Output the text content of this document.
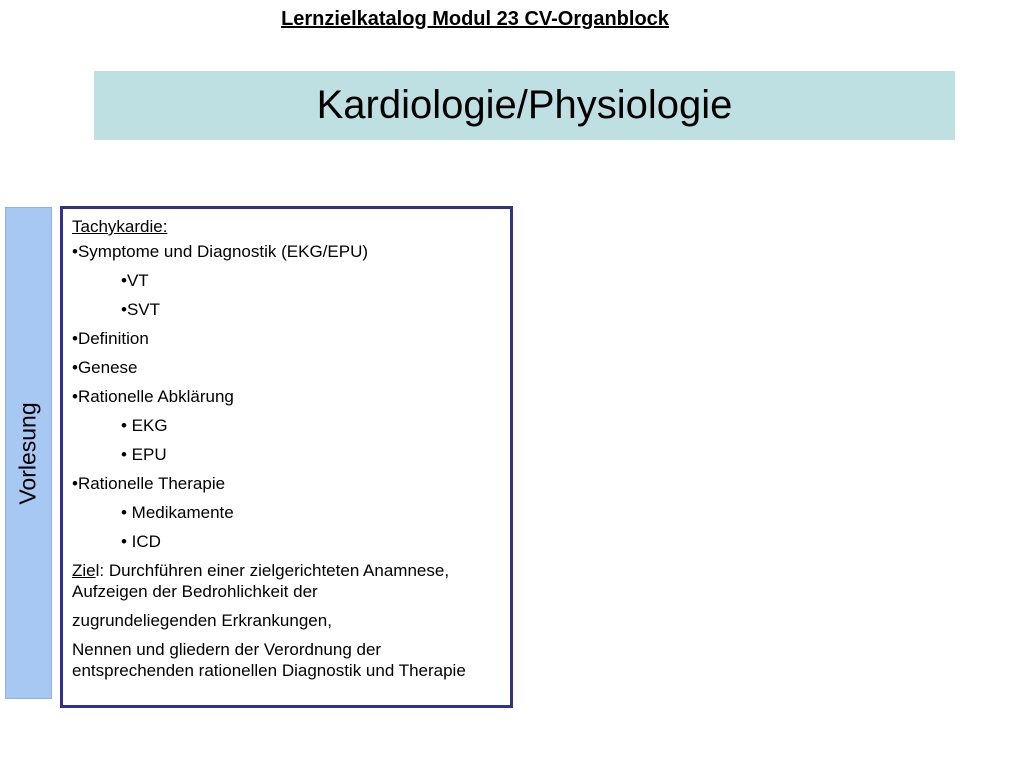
Lernzielkatalog Modul 23 CV-Organblock
Kardiologie/Physiologie
Vorlesung

Tachykardie:

•Symptome und Diagnostik (EKG/EPU)

•VT

•SVT

•Definition

•Genese

•Rationelle Abklärung

• EKG

• EPU

•Rationelle Therapie

• Medikamente

• ICD

Ziel: Durchführen einer zielgerichteten Anamnese, Aufzeigen der Bedrohlichkeit der

zugrundeliegenden Erkrankungen,

Nennen und gliedern der Verordnung der entsprechenden rationellen Diagnostik und Therapie
